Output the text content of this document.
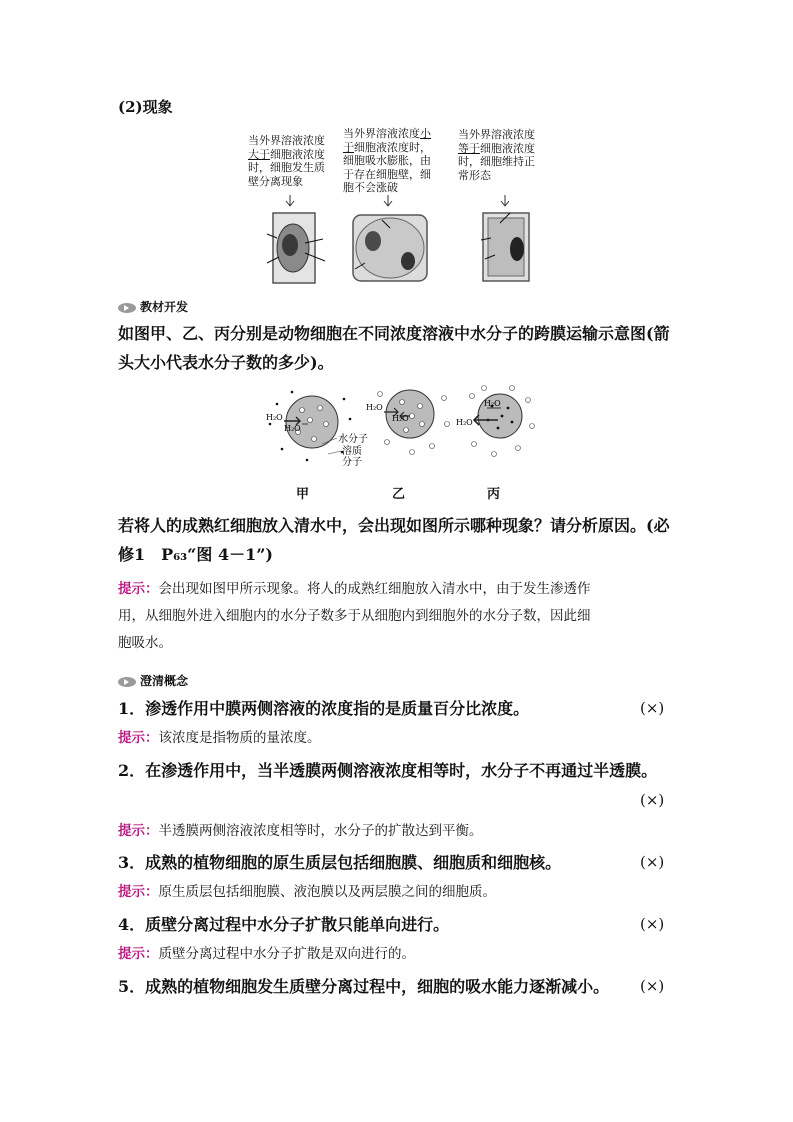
(2)现象
当外界溶液浓度
大于细胞液浓度
时，细胞发生质
壁分离现象
当外界溶液浓度小
于细胞液浓度时，
细胞吸水膨胀，由
于存在细胞壁，细
胞不会涨破
当外界溶液浓度
等于细胞液浓度
时，细胞维持正
常形态
教材开发
如图甲、乙、丙分别是动物细胞在不同浓度溶液中水分子的跨膜运输示意图(箭
头大小代表水分子数的多少)。
H₂O
H₂O
水分子
溶质
分子
H₂O
H₂O
H₂O
H₂O
甲	乙	丙
若将人的成熟红细胞放入清水中，会出现如图所示哪种现象？请分析原因。(必
修1　P₆₃“图 4－1”)
提示：会出现如图甲所示现象。将人的成熟红细胞放入清水中，由于发生渗透作
用，从细胞外进入细胞内的水分子数多于从细胞内到细胞外的水分子数，因此细
胞吸水。
澄清概念
1．渗透作用中膜两侧溶液的浓度指的是质量百分比浓度。	(×)
提示：该浓度是指物质的量浓度。
2．在渗透作用中，当半透膜两侧溶液浓度相等时，水分子不再通过半透膜。
(×)
提示：半透膜两侧溶液浓度相等时，水分子的扩散达到平衡。
3．成熟的植物细胞的原生质层包括细胞膜、细胞质和细胞核。	(×)
提示：原生质层包括细胞膜、液泡膜以及两层膜之间的细胞质。
4．质壁分离过程中水分子扩散只能单向进行。	(×)
提示：质壁分离过程中水分子扩散是双向进行的。
5．成熟的植物细胞发生质壁分离过程中，细胞的吸水能力逐渐减小。 (×)
